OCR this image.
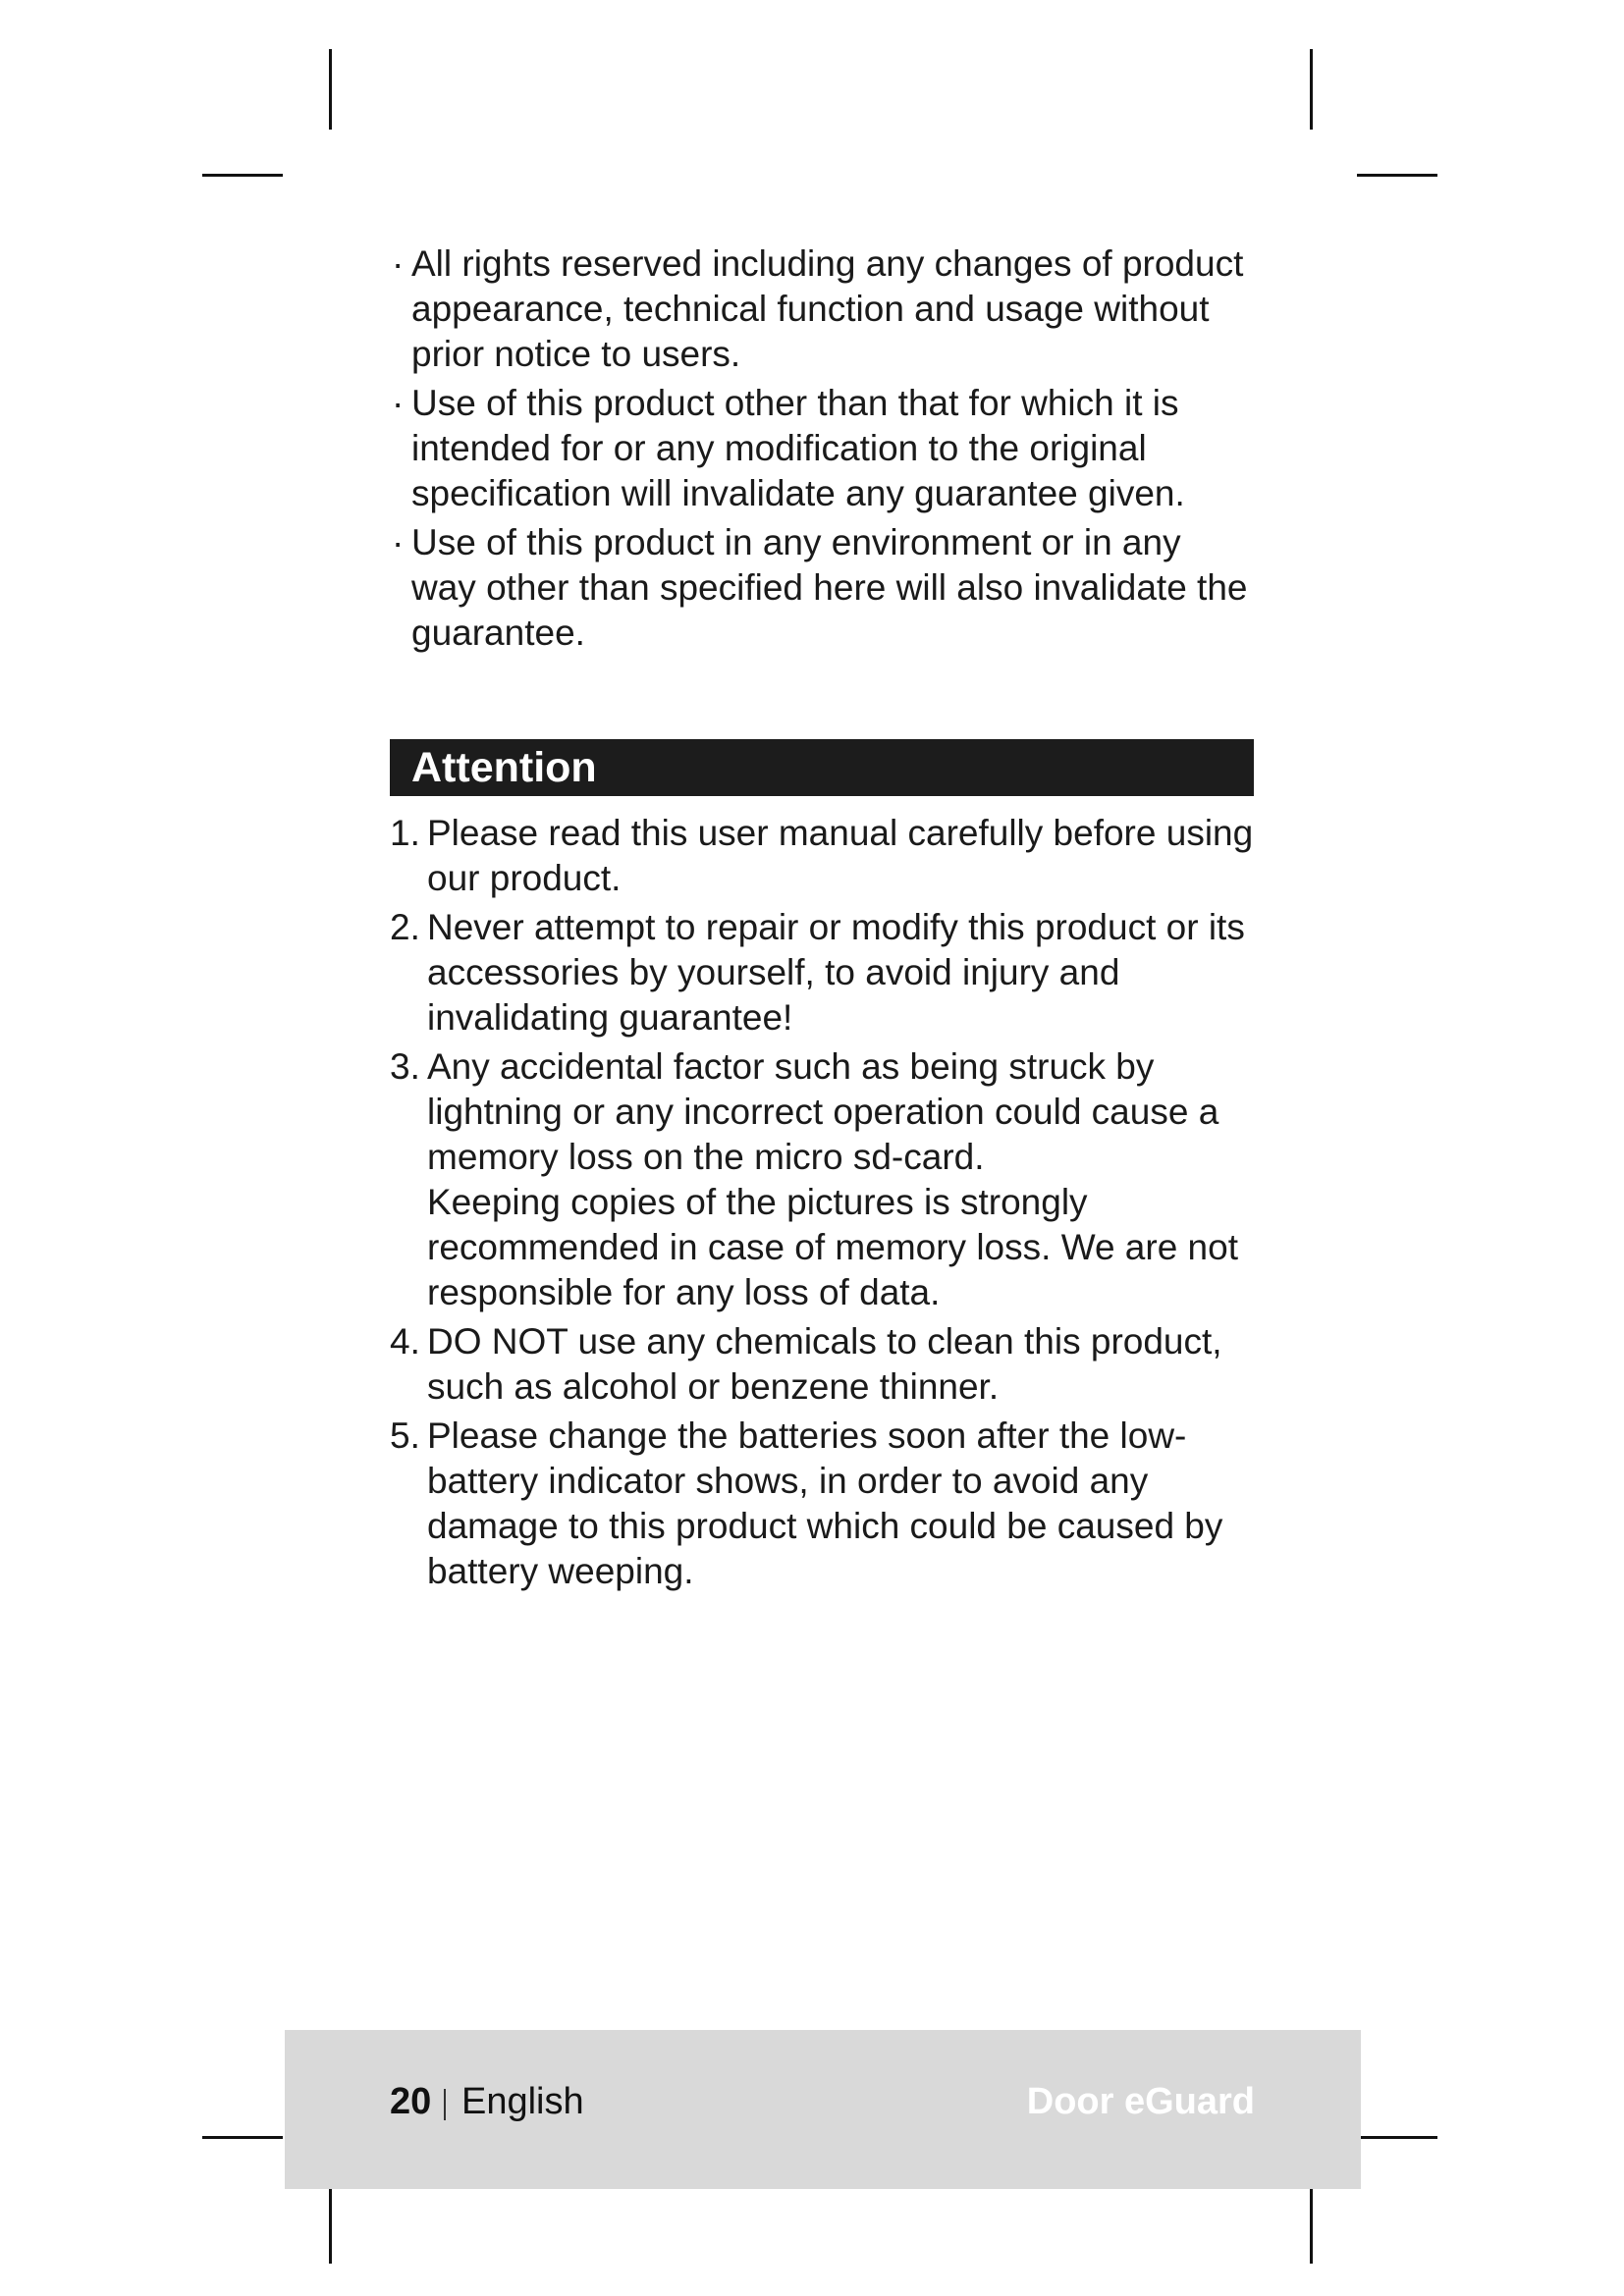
· All rights reserved including any changes of product appearance, technical function and usage without prior notice to users.
· Use of this product other than that for which it is intended for or any modification to the original specification will invalidate any guarantee given.
· Use of this product in any environment or in any way other than specified here will also invalidate the guarantee.
Attention
1. Please read this user manual carefully before using our product.
2. Never attempt to repair or modify this product or its accessories by yourself, to avoid injury and invalidating guarantee!
3. Any accidental factor such as being struck by lightning or any incorrect operation could cause a memory loss on the micro sd-card.
Keeping copies of the pictures is strongly recommended in case of memory loss. We are not responsible for any loss of data.
4. DO NOT use any chemicals to clean this product, such as alcohol or benzene thinner.
5. Please change the batteries soon after the low-battery indicator shows, in order to avoid any damage to this product which could be caused by battery weeping.
20 English	Door eGuard
